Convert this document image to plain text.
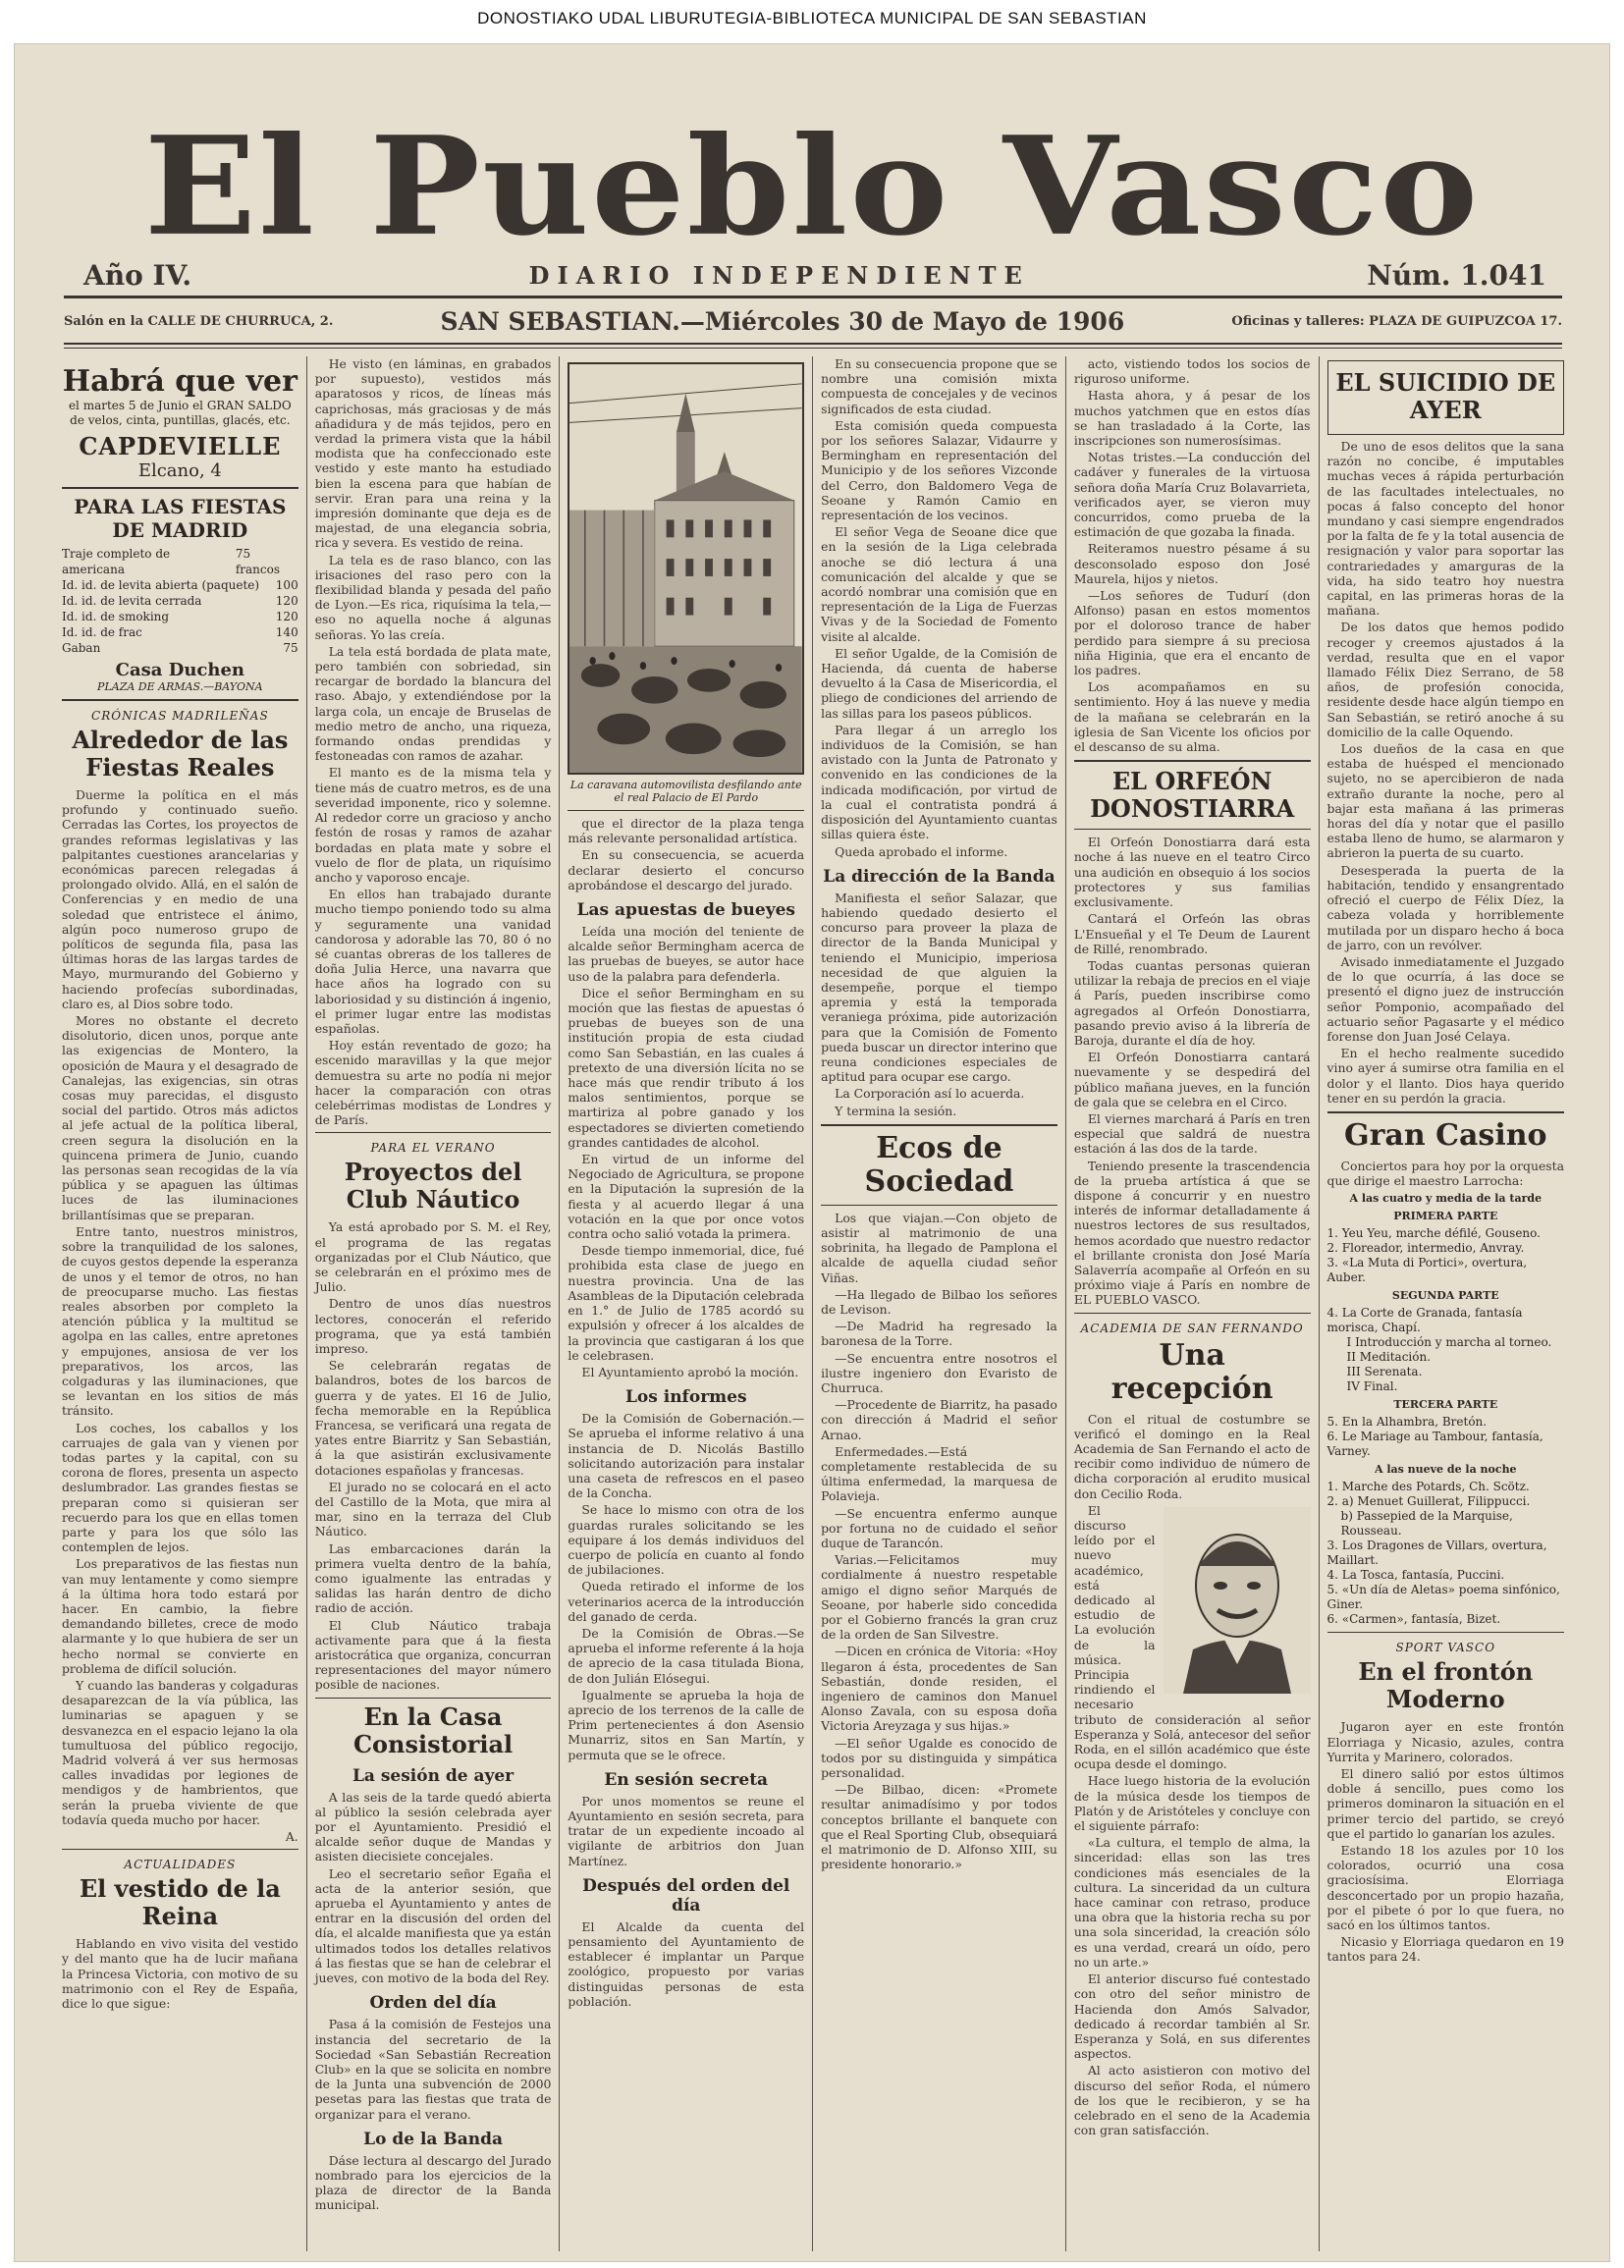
DONOSTIAKO UDAL LIBURUTEGIA-BIBLIOTECA MUNICIPAL DE SAN SEBASTIAN
El Pueblo Vasco
Año IV.	DIARIO INDEPENDIENTE	Núm. 1.041
Salón en la CALLE DE CHURRUCA, 2.	SAN SEBASTIAN.—Miércoles 30 de Mayo de 1906	Oficinas y talleres: PLAZA DE GUIPUZCOA 17.
Habrá que ver
el martes 5 de Junio el GRAN SALDO de velos, cinta, puntillas, glacés, etc.
CAPDEVIELLE
Elcano, 4
PARA LAS FIESTAS DE MADRID
Traje completo de americana
75 francos
Id. id. de levita abierta (paquete) 100
Id. id. de levita cerrada	120
Id. id. de smoking	120
Id. id. de frac	140
Gaban	75
Casa Duchen
PLAZA DE ARMAS.—BAYONA
CRÓNICAS MADRILEÑAS
Alrededor de las Fiestas Reales

Duerme la política en el más profundo y continuado sueño. Cerradas las Cortes, los proyectos de grandes reformas legislativas y las palpitantes cuestiones arancelarias y económicas parecen relegadas á prolongado olvido. Allá, en el salón de Conferencias y en medio de una soledad que entristece el ánimo, algún poco numeroso grupo de políticos de segunda fila, pasa las últimas horas de las largas tardes de Mayo, murmurando del Gobierno y haciendo profecías subordinadas, claro es, al Dios sobre todo.

Mores no obstante el decreto disolutorio, dicen unos, porque ante las exigencias de Montero, la oposición de Maura y el desagrado de Canalejas, las exigencias, sin otras cosas muy parecidas, el disgusto social del partido. Otros más adictos al jefe actual de la política liberal, creen segura la disolución en la quincena primera de Junio, cuando las personas sean recogidas de la vía pública y se apaguen las últimas luces de las iluminaciones brillantísimas que se preparan.

Entre tanto, nuestros ministros, sobre la tranquilidad de los salones, de cuyos gestos depende la esperanza de unos y el temor de otros, no han de preocuparse mucho. Las fiestas reales absorben por completo la atención pública y la multitud se agolpa en las calles, entre apretones y empujones, ansiosa de ver los preparativos, los arcos, las colgaduras y las iluminaciones, que se levantan en los sitios de más tránsito.

Los coches, los caballos y los carruajes de gala van y vienen por todas partes y la capital, con su corona de flores, presenta un aspecto deslumbrador. Las grandes fiestas se preparan como si quisieran ser recuerdo para los que en ellas tomen parte y para los que sólo las contemplen de lejos.

Los preparativos de las fiestas nun van muy lentamente y como siempre á la última hora todo estará por hacer. En cambio, la fiebre demandando billetes, crece de modo alarmante y lo que hubiera de ser un hecho normal se convierte en problema de difícil solución.

Y cuando las banderas y colgaduras desaparezcan de la vía pública, las luminarias se apaguen y se desvanezca en el espacio lejano la ola tumultuosa del público regocijo, Madrid volverá á ver sus hermosas calles invadidas por legiones de mendigos y de hambrientos, que serán la prueba viviente de que todavía queda mucho por hacer.

A.

ACTUALIDADES
El vestido de la Reina

Hablando en vivo visita del vestido y del manto que ha de lucir mañana la Princesa Victoria, con motivo de su matrimonio con el Rey de España, dice lo que sigue:

He visto (en láminas, en grabados por supuesto), vestidos más aparatosos y ricos, de líneas más caprichosas, más graciosas y de más añadidura y de más tejidos, pero en verdad la primera vista que la hábil modista que ha confeccionado este vestido y este manto ha estudiado bien la escena para que habían de servir. Eran para una reina y la impresión dominante que deja es de majestad, de una elegancia sobria, rica y severa. Es vestido de reina.

La tela es de raso blanco, con las irisaciones del raso pero con la flexibilidad blanda y pesada del paño de Lyon.—Es rica, riquísima la tela,—eso no aquella noche á algunas señoras. Yo las creía.

La tela está bordada de plata mate, pero también con sobriedad, sin recargar de bordado la blancura del raso. Abajo, y extendiéndose por la larga cola, un encaje de Bruselas de medio metro de ancho, una riqueza, formando ondas prendidas y festoneadas con ramos de azahar.

El manto es de la misma tela y tiene más de cuatro metros, es de una severidad imponente, rico y solemne. Al rededor corre un gracioso y ancho festón de rosas y ramos de azahar bordadas en plata mate y sobre el vuelo de flor de plata, un riquísimo ancho y vaporoso encaje.

En ellos han trabajado durante mucho tiempo poniendo todo su alma y seguramente una vanidad candorosa y adorable las 70, 80 ó no sé cuantas obreras de los talleres de doña Julia Herce, una navarra que hace años ha logrado con su laboriosidad y su distinción á ingenio, el primer lugar entre las modistas españolas.

Hoy están reventado de gozo; ha escenido maravillas y la que mejor demuestra su arte no podía ni mejor hacer la comparación con otras celebérrimas modistas de Londres y de París.

PARA EL VERANO
Proyectos del Club Náutico

Ya está aprobado por S. M. el Rey, el programa de las regatas organizadas por el Club Náutico, que se celebrarán en el próximo mes de Julio.

Dentro de unos días nuestros lectores, conocerán el referido programa, que ya está también impreso.

Se celebrarán regatas de balandros, botes de los barcos de guerra y de yates. El 16 de Julio, fecha memorable en la República Francesa, se verificará una regata de yates entre Biarritz y San Sebastián, á la que asistirán exclusivamente dotaciones españolas y francesas.

El jurado no se colocará en el acto del Castillo de la Mota, que mira al mar, sino en la terraza del Club Náutico.

Las embarcaciones darán la primera vuelta dentro de la bahía, como igualmente las entradas y salidas las harán dentro de dicho radio de acción.

El Club Náutico trabaja activamente para que á la fiesta aristocrática que organiza, concurran representaciones del mayor número posible de naciones.

En la Casa Consistorial
La sesión de ayer

A las seis de la tarde quedó abierta al público la sesión celebrada ayer por el Ayuntamiento. Presidió el alcalde señor duque de Mandas y asisten diecisiete concejales.

Leo el secretario señor Egaña el acta de la anterior sesión, que aprueba el Ayuntamiento y antes de entrar en la discusión del orden del día, el alcalde manifiesta que ya están ultimados todos los detalles relativos á las fiestas que se han de celebrar el jueves, con motivo de la boda del Rey.

Orden del día

Pasa á la comisión de Festejos una instancia del secretario de la Sociedad «San Sebastián Recreation Club» en la que se solicita en nombre de la Junta una subvención de 2000 pesetas para las fiestas que trata de organizar para el verano.

Lo de la Banda

Dáse lectura al descargo del Jurado nombrado para los ejercicios de la plaza de director de la Banda municipal.

La caravana automovilista desfilando ante el real Palacio de El Pardo

que el director de la plaza tenga más relevante personalidad artística.

En su consecuencia, se acuerda declarar desierto el concurso aprobándose el descargo del jurado.

Las apuestas de bueyes

Leída una moción del teniente de alcalde señor Bermingham acerca de las pruebas de bueyes, se autor hace uso de la palabra para defenderla.

Dice el señor Bermingham en su moción que las fiestas de apuestas ó pruebas de bueyes son de una institución propia de esta ciudad como San Sebastián, en las cuales á pretexto de una diversión lícita no se hace más que rendir tributo á los malos sentimientos, porque se martiriza al pobre ganado y los espectadores se divierten cometiendo grandes cantidades de alcohol.

En virtud de un informe del Negociado de Agricultura, se propone en la Diputación la supresión de la fiesta y al acuerdo llegar á una votación en la que por once votos contra ocho salió votada la primera.

Desde tiempo inmemorial, dice, fué prohibida esta clase de juego en nuestra provincia. Una de las Asambleas de la Diputación celebrada en 1.° de Julio de 1785 acordó su expulsión y ofrecer á los alcaldes de la provincia que castigaran á los que le celebrasen.

El Ayuntamiento aprobó la moción.

Los informes

De la Comisión de Gobernación.—Se aprueba el informe relativo á una instancia de D. Nicolás Bastillo solicitando autorización para instalar una caseta de refrescos en el paseo de la Concha.

Se hace lo mismo con otra de los guardas rurales solicitando se les equipare á los demás individuos del cuerpo de policía en cuanto al fondo de jubilaciones.

Queda retirado el informe de los veterinarios acerca de la introducción del ganado de cerda.

De la Comisión de Obras.—Se aprueba el informe referente á la hoja de aprecio de la casa titulada Biona, de don Julián Elósegui.

Igualmente se aprueba la hoja de aprecio de los terrenos de la calle de Prim pertenecientes á don Asensio Munarriz, sitos en San Martín, y permuta que se le ofrece.

En sesión secreta

Por unos momentos se reune el Ayuntamiento en sesión secreta, para tratar de un expediente incoado al vigilante de arbitrios don Juan Martínez.

Después del orden del día

El Alcalde da cuenta del pensamiento del Ayuntamiento de establecer é implantar un Parque zoológico, propuesto por varias distinguidas personas de esta población.

En su consecuencia propone que se nombre una comisión mixta compuesta de concejales y de vecinos significados de esta ciudad.

Esta comisión queda compuesta por los señores Salazar, Vidaurre y Bermingham en representación del Municipio y de los señores Vizconde del Cerro, don Baldomero Vega de Seoane y Ramón Camio en representación de los vecinos.

El señor Vega de Seoane dice que en la sesión de la Liga celebrada anoche se dió lectura á una comunicación del alcalde y que se acordó nombrar una comisión que en representación de la Liga de Fuerzas Vivas y de la Sociedad de Fomento visite al alcalde.

El señor Ugalde, de la Comisión de Hacienda, dá cuenta de haberse devuelto á la Casa de Misericordia, el pliego de condiciones del arriendo de las sillas para los paseos públicos.

Para llegar á un arreglo los individuos de la Comisión, se han avistado con la Junta de Patronato y convenido en las condiciones de la indicada modificación, por virtud de la cual el contratista pondrá á disposición del Ayuntamiento cuantas sillas quiera éste.

Queda aprobado el informe.

La dirección de la Banda

Manifiesta el señor Salazar, que habiendo quedado desierto el concurso para proveer la plaza de director de la Banda Municipal y teniendo el Municipio, imperiosa necesidad de que alguien la desempeñe, porque el tiempo apremia y está la temporada veraniega próxima, pide autorización para que la Comisión de Fomento pueda buscar un director interino que reuna condiciones especiales de aptitud para ocupar ese cargo.

La Corporación así lo acuerda.

Y termina la sesión.

Ecos de Sociedad

Los que viajan.—Con objeto de asistir al matrimonio de una sobrinita, ha llegado de Pamplona el alcalde de aquella ciudad señor Viñas.

—Ha llegado de Bilbao los señores de Levison.

—De Madrid ha regresado la baronesa de la Torre.

—Se encuentra entre nosotros el ilustre ingeniero don Evaristo de Churruca.

—Procedente de Biarritz, ha pasado con dirección á Madrid el señor Arnao.

Enfermedades.—Está completamente restablecida de su última enfermedad, la marquesa de Polavieja.

—Se encuentra enfermo aunque por fortuna no de cuidado el señor duque de Tarancón.

Varias.—Felicitamos muy cordialmente á nuestro respetable amigo el digno señor Marqués de Seoane, por haberle sido concedida por el Gobierno francés la gran cruz de la orden de San Silvestre.

—Dicen en crónica de Vitoria: «Hoy llegaron á ésta, procedentes de San Sebastián, donde residen, el ingeniero de caminos don Manuel Alonso Zavala, con su esposa doña Victoria Areyzaga y sus hijas.»

—El señor Ugalde es conocido de todos por su distinguida y simpática personalidad.

—De Bilbao, dicen: «Promete resultar animadísimo y por todos conceptos brillante el banquete con que el Real Sporting Club, obsequiará el matrimonio de D. Alfonso XIII, su presidente honorario.»

acto, vistiendo todos los socios de riguroso uniforme.

Hasta ahora, y á pesar de los muchos yatchmen que en estos días se han trasladado á la Corte, las inscripciones son numerosísimas.

Notas tristes.—La conducción del cadáver y funerales de la virtuosa señora doña María Cruz Bolavarrieta, verificados ayer, se vieron muy concurridos, como prueba de la estimación de que gozaba la finada.

Reiteramos nuestro pésame á su desconsolado esposo don José Maurela, hijos y nietos.

—Los señores de Tudurí (don Alfonso) pasan en estos momentos por el doloroso trance de haber perdido para siempre á su preciosa niña Higinia, que era el encanto de los padres.

Los acompañamos en su sentimiento. Hoy á las nueve y media de la mañana se celebrarán en la iglesia de San Vicente los oficios por el descanso de su alma.

EL ORFEÓN DONOSTIARRA

El Orfeón Donostiarra dará esta noche á las nueve en el teatro Circo una audición en obsequio á los socios protectores y sus familias exclusivamente.

Cantará el Orfeón las obras L'Ensueñal y el Te Deum de Laurent de Rillé, renombrado.

Todas cuantas personas quieran utilizar la rebaja de precios en el viaje á París, pueden inscribirse como agregados al Orfeón Donostiarra, pasando previo aviso á la librería de Baroja, durante el día de hoy.

El Orfeón Donostiarra cantará nuevamente y se despedirá del público mañana jueves, en la función de gala que se celebra en el Circo.

El viernes marchará á París en tren especial que saldrá de nuestra estación á las dos de la tarde.

Teniendo presente la trascendencia de la prueba artística á que se dispone á concurrir y en nuestro interés de informar detalladamente á nuestros lectores de sus resultados, hemos acordado que nuestro redactor el brillante cronista don José María Salaverría acompañe al Orfeón en su próximo viaje á París en nombre de EL PUEBLO VASCO.

ACADEMIA DE SAN FERNANDO
Una recepción

Con el ritual de costumbre se verificó el domingo en la Real Academia de San Fernando el acto de recibir como individuo de número de dicha corporación al erudito musical don Cecilio Roda.

El discurso leído por el nuevo académico, está dedicado al estudio de La evolución de la música. Principia rindiendo el necesario tributo de consideración al señor Esperanza y Solá, antecesor del señor Roda, en el sillón académico que éste ocupa desde el domingo.

Hace luego historia de la evolución de la música desde los tiempos de Platón y de Aristóteles y concluye con el siguiente párrafo:

«La cultura, el templo de alma, la sinceridad: ellas son las tres condiciones más esenciales de la cultura. La sinceridad da un cultura hace caminar con retraso, produce una obra que la historia recha su por una sola sinceridad, la creación sólo es una verdad, creará un oído, pero no un arte.»

El anterior discurso fué contestado con otro del señor ministro de Hacienda don Amós Salvador, dedicado á recordar también al Sr. Esperanza y Solá, en sus diferentes aspectos.

Al acto asistieron con motivo del discurso del señor Roda, el número de los que le recibieron, y se ha celebrado en el seno de la Academia con gran satisfacción.

EL SUICIDIO DE AYER

De uno de esos delitos que la sana razón no concibe, é imputables muchas veces á rápida perturbación de las facultades intelectuales, no pocas á falso concepto del honor mundano y casi siempre engendrados por la falta de fe y la total ausencia de resignación y valor para soportar las contrariedades y amarguras de la vida, ha sido teatro hoy nuestra capital, en las primeras horas de la mañana.

De los datos que hemos podido recoger y creemos ajustados á la verdad, resulta que en el vapor llamado Félix Diez Serrano, de 58 años, de profesión conocida, residente desde hace algún tiempo en San Sebastián, se retiró anoche á su domicilio de la calle Oquendo.

Los dueños de la casa en que estaba de huésped el mencionado sujeto, no se apercibieron de nada extraño durante la noche, pero al bajar esta mañana á las primeras horas del día y notar que el pasillo estaba lleno de humo, se alarmaron y abrieron la puerta de su cuarto.

Desesperada la puerta de la habitación, tendido y ensangrentado ofreció el cuerpo de Félix Díez, la cabeza volada y horriblemente mutilada por un disparo hecho á boca de jarro, con un revólver.

Avisado inmediatamente el Juzgado de lo que ocurría, á las doce se presentó el digno juez de instrucción señor Pomponio, acompañado del actuario señor Pagasarte y el médico forense don Juan José Celaya.

En el hecho realmente sucedido vino ayer á sumirse otra familia en el dolor y el llanto. Dios haya querido tener en su perdón la gracia.

Gran Casino

Conciertos para hoy por la orquesta que dirige el maestro Larrocha:

A las cuatro y media de la tarde
PRIMERA PARTE
1. Yeu Yeu, marche défilé, Gouseno.
2. Floreador, intermedio, Anvray.
3. «La Muta di Portici», overtura, Auber.
SEGUNDA PARTE
4. La Corte de Granada, fantasía morisca, Chapí.
I Introducción y marcha al torneo.
II Meditación.
III Serenata.
IV Final.
TERCERA PARTE
5. En la Alhambra, Bretón.
6. Le Mariage au Tambour, fantasía, Varney.
A las nueve de la noche
1. Marche des Potards, Ch. Scötz.
2. a) Menuet Guillerat, Filippucci.
b) Passepied de la Marquise, Rousseau.
3. Los Dragones de Villars, overtura, Maillart.
4. La Tosca, fantasía, Puccini.
5. «Un día de Aletas» poema sinfónico, Giner.
6. «Carmen», fantasía, Bizet.
SPORT VASCO
En el frontón Moderno

Jugaron ayer en este frontón Elorriaga y Nicasio, azules, contra Yurrita y Marinero, colorados.

El dinero salió por estos últimos doble á sencillo, pues como los primeros dominaron la situación en el primer tercio del partido, se creyó que el partido lo ganarían los azules.

Estando 18 los azules por 10 los colorados, ocurrió una cosa graciosísima. Elorriaga desconcertado por un propio hazaña, por el pibete ó por lo que fuera, no sacó en los últimos tantos.

Nicasio y Elorriaga quedaron en 19 tantos para 24.
